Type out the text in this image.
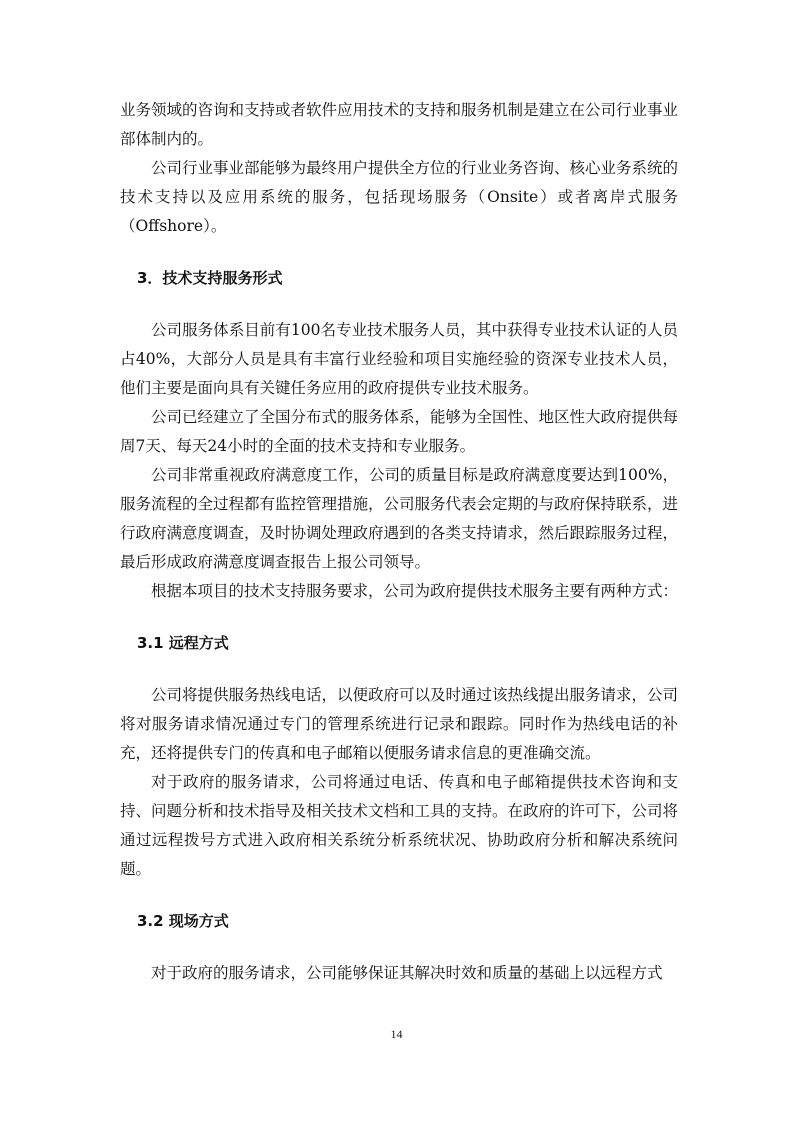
业务领域的咨询和支持或者软件应用技术的支持和服务机制是建立在公司行业事业部体制内的。

公司行业事业部能够为最终用户提供全方位的行业业务咨询、核心业务系统的技术支持以及应用系统的服务，包括现场服务（Onsite）或者离岸式服务（Offshore）。

3．技术支持服务形式

公司服务体系目前有100名专业技术服务人员，其中获得专业技术认证的人员占40%，大部分人员是具有丰富行业经验和项目实施经验的资深专业技术人员，他们主要是面向具有关键任务应用的政府提供专业技术服务。

公司已经建立了全国分布式的服务体系，能够为全国性、地区性大政府提供每周7天、每天24小时的全面的技术支持和专业服务。

公司非常重视政府满意度工作，公司的质量目标是政府满意度要达到100%，服务流程的全过程都有监控管理措施，公司服务代表会定期的与政府保持联系，进行政府满意度调查，及时协调处理政府遇到的各类支持请求，然后跟踪服务过程，最后形成政府满意度调查报告上报公司领导。

根据本项目的技术支持服务要求，公司为政府提供技术服务主要有两种方式：

3.1 远程方式

公司将提供服务热线电话，以便政府可以及时通过该热线提出服务请求，公司将对服务请求情况通过专门的管理系统进行记录和跟踪。同时作为热线电话的补充，还将提供专门的传真和电子邮箱以便服务请求信息的更准确交流。

对于政府的服务请求，公司将通过电话、传真和电子邮箱提供技术咨询和支持、问题分析和技术指导及相关技术文档和工具的支持。在政府的许可下，公司将通过远程拨号方式进入政府相关系统分析系统状况、协助政府分析和解决系统问题。

3.2 现场方式

对于政府的服务请求，公司能够保证其解决时效和质量的基础上以远程方式

14
